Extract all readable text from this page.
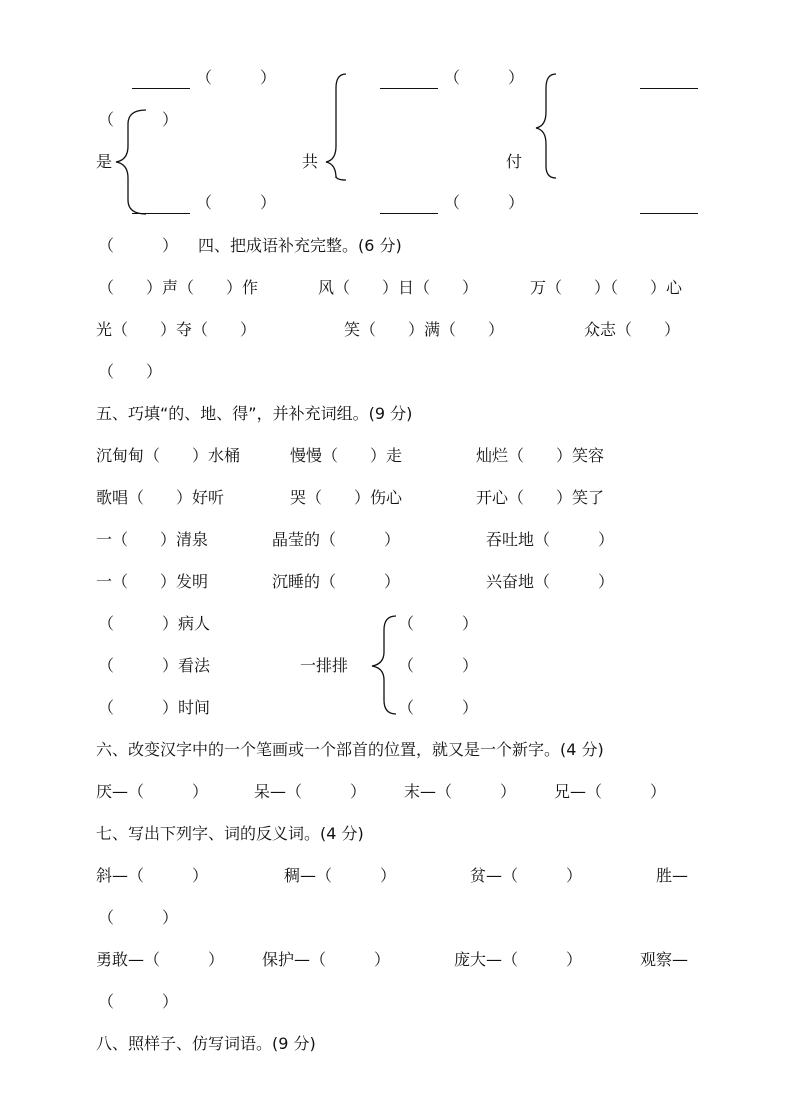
（　　　）	（　　　）
（　　　）
是	共	付
（　　　）	（　　　）
（　　　） 四、把成语补充完整。(6 分)
（　　）声（　　）作	风（　　）日（　　）	万（　　）（　　）心
光（　　）夺（　　）	笑（　　）满（　　）	众志（　　）
（　　）
五、巧填“的、地、得”，并补充词组。(9 分)
沉甸甸（　　）水桶	慢慢（　　）走	灿烂（　　）笑容
歌唱（　　）好听	哭（　　）伤心	开心（　　）笑了
一（　　）清泉	晶莹的（　　　）	吞吐地（　　　）
一（　　）发明	沉睡的（　　　）	兴奋地（　　　）
（　　　）病人
（　　　）看法
（　　　）时间
一排排
（　　　）
（　　　）
（　　　）
六、改变汉字中的一个笔画或一个部首的位置，就又是一个新字。(4 分)
厌—（　　　）	呆—（　　　） 末—（　　　） 兄—（　　　）
七、写出下列字、词的反义词。(4 分)
斜—（　　　）	稠—（　　　）	贫—（　　　）	胜—
（　　　）
勇敢—（　　　） 保护—（　　　）	庞大—（　　　）	观察—
（　　　）
八、照样子、仿写词语。(9 分)
